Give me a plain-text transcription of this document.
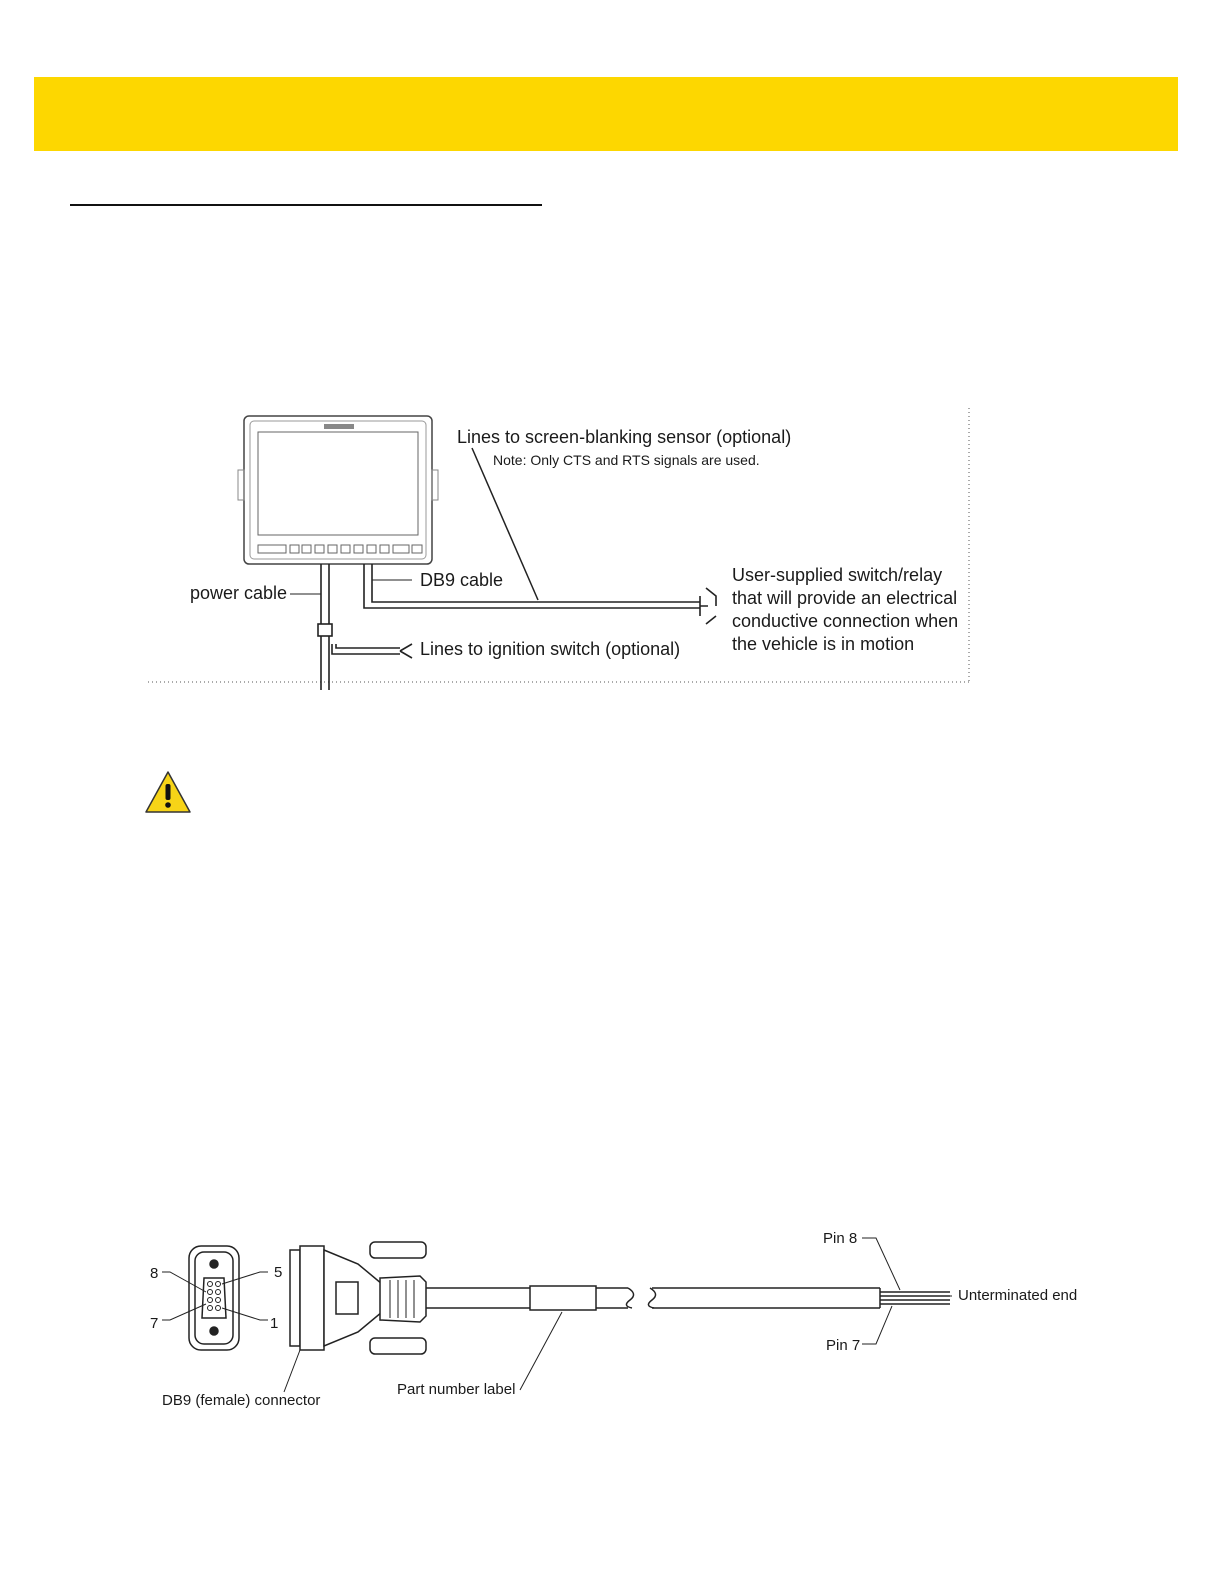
Lines to screen-blanking sensor (optional)
Note: Only CTS and RTS signals are used.
DB9 cable
power cable
Lines to ignition switch (optional)
User-supplied switch/relay
that will provide an electrical
conductive connection when
the vehicle is in motion
8	5
7	1
Pin 8
Pin 7
Unterminated end
Part number label
DB9 (female) connector
